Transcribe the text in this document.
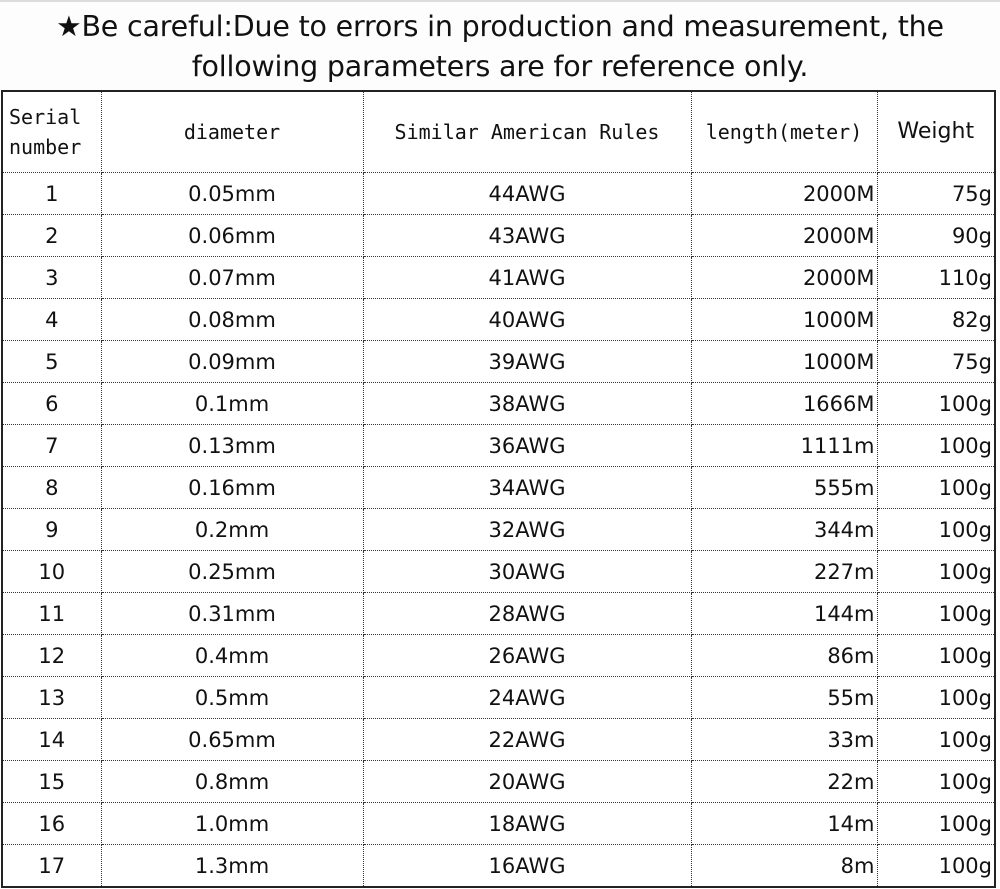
★Be careful:Due to errors in production and measurement, the
following parameters are for reference only.
Serial
number	diameter	Similar American Rules	length(meter)	Weight
1	0.05mm	44AWG	2000M	75g
2	0.06mm	43AWG	2000M	90g
3	0.07mm	41AWG	2000M	110g
4	0.08mm	40AWG	1000M	82g
5	0.09mm	39AWG	1000M	75g
6	0.1mm	38AWG	1666M	100g
7	0.13mm	36AWG	1111m	100g
8	0.16mm	34AWG	555m	100g
9	0.2mm	32AWG	344m	100g
10	0.25mm	30AWG	227m	100g
11	0.31mm	28AWG	144m	100g
12	0.4mm	26AWG	86m	100g
13	0.5mm	24AWG	55m	100g
14	0.65mm	22AWG	33m	100g
15	0.8mm	20AWG	22m	100g
16	1.0mm	18AWG	14m	100g
17	1.3mm	16AWG	8m	100g
